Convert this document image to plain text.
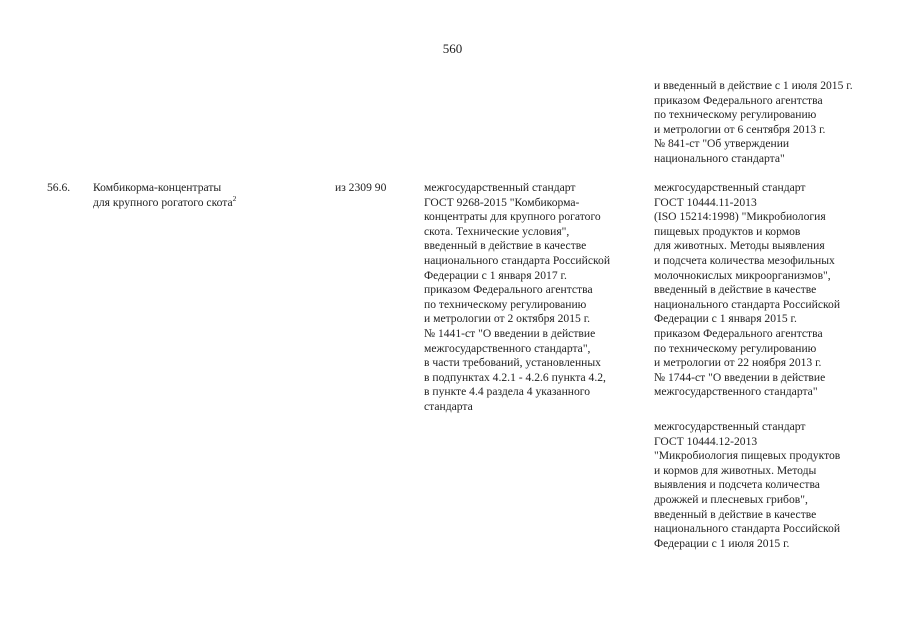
560
и введенный в действие с 1 июля 2015 г.
приказом Федерального агентства
по техническому регулированию
и метрологии от 6 сентября 2013 г.
№ 841-ст "Об утверждении
национального стандарта"
56.6. Комбикорма-концентраты
для крупного рогатого скота$^2$
из 2309 90	межгосударственный стандарт
ГОСТ 9268-2015 "Комбикорма-
концентраты для крупного рогатого
скота. Технические условия",
введенный в действие в качестве
национального стандарта Российской
Федерации с 1 января 2017 г.
приказом Федерального агентства
по техническому регулированию
и метрологии от 2 октября 2015 г.
№ 1441-ст "О введении в действие
межгосударственного стандарта",
в части требований, установленных
в подпунктах 4.2.1 - 4.2.6 пункта 4.2,
в пункте 4.4 раздела 4 указанного
стандарта
межгосударственный стандарт
ГОСТ 10444.11-2013
(ISO 15214:1998) "Микробиология
пищевых продуктов и кормов
для животных. Методы выявления
и подсчета количества мезофильных
молочнокислых микроорганизмов",
введенный в действие в качестве
национального стандарта Российской
Федерации с 1 января 2015 г.
приказом Федерального агентства
по техническому регулированию
и метрологии от 22 ноября 2013 г.
№ 1744-ст "О введении в действие
межгосударственного стандарта"
межгосударственный стандарт
ГОСТ 10444.12-2013
"Микробиология пищевых продуктов
и кормов для животных. Методы
выявления и подсчета количества
дрожжей и плесневых грибов",
введенный в действие в качестве
национального стандарта Российской
Федерации с 1 июля 2015 г.
